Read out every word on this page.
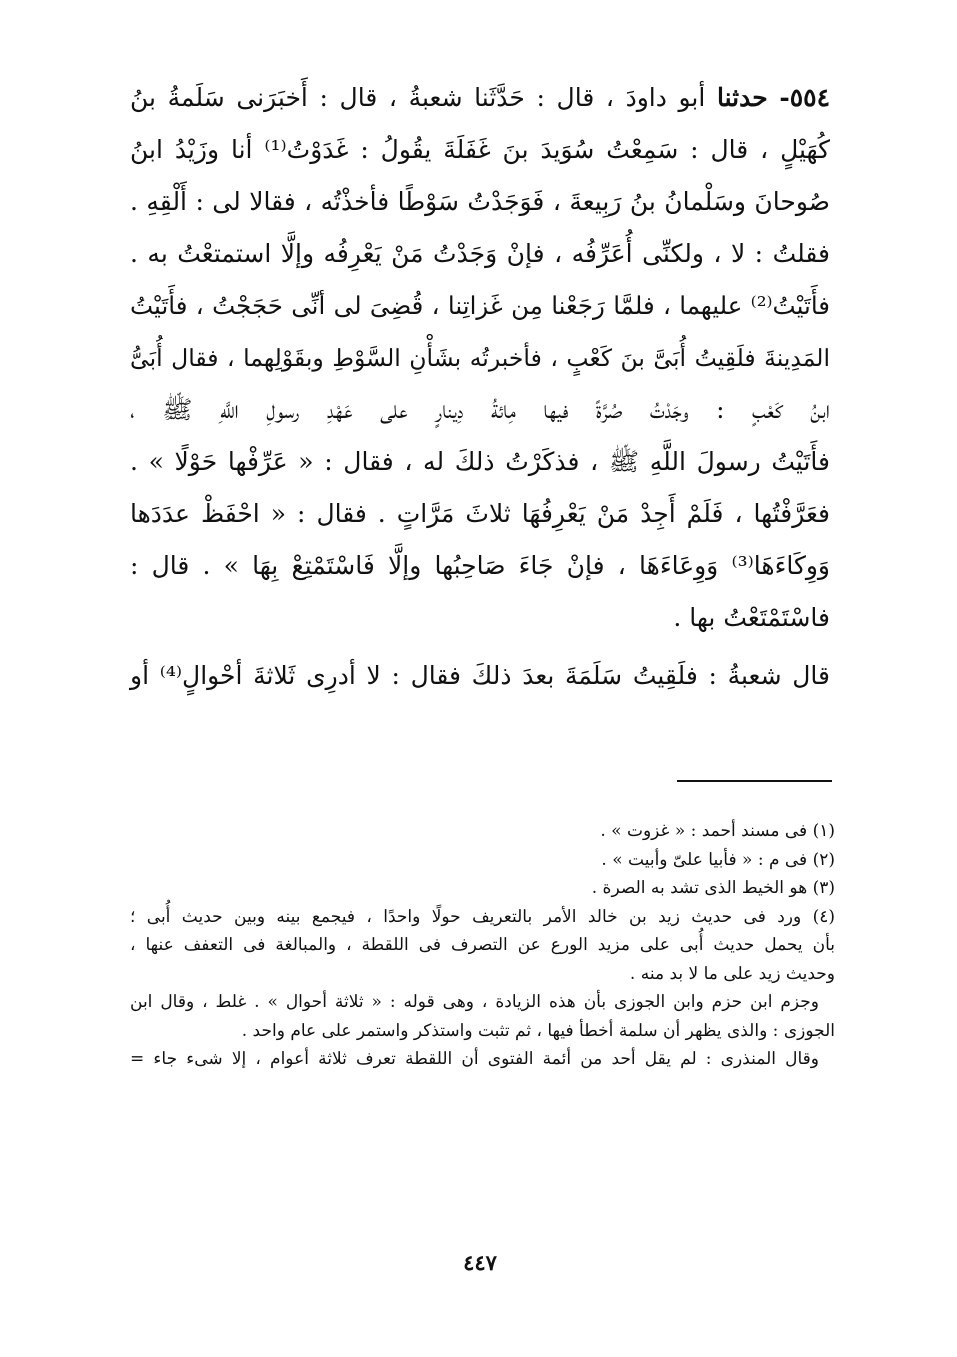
٥٥٤- حدثنا أبو داودَ ، قال : حَدَّثَنا شعبةُ ، قال : أَخبَرَنى سَلَمةُ بنُ
كُهَيْلٍ ، قال : سَمِعْتُ سُوَيدَ بنَ غَفَلَةَ يقُولُ : غَدَوْتُ⁽¹⁾ أنا وزَيْدُ ابنُ
صُوحانَ وسَلْمانُ بنُ رَبِيعةَ ، فَوَجَدْتُ سَوْطًا فأخذْتُه ، فقالا لى : أَلْقِهِ .
فقلتُ : لا ، ولكنِّى أُعَرِّفُه ، فإنْ وَجَدْتُ مَنْ يَعْرِفُه وإلَّا استمتعْتُ به .
فأَتَيْتُ⁽²⁾ عليهما ، فلمَّا رَجَعْنا مِن غَزاتِنا ، قُضِىَ لى أنِّى حَجَجْتُ ، فأَتَيْتُ
المَدِينةَ فلَقِيتُ أُبَىَّ بنَ كَعْبٍ ، فأخبرتُه بشَأْنِ السَّوْطِ وبقَوْلِهما ، فقال أُبَىُّ
ابنُ كَعْبٍ : وجَدْتُ صُرَّةً فيها مِائةُ دِينارٍ على عَهْدِ رسولِ اللَّهِ ﷺ ،
فأَتَيْتُ رسولَ اللَّهِ ﷺ ، فذكَرْتُ ذلكَ له ، فقال : « عَرِّفْها حَوْلًا » .
فعَرَّفْتُها ، فَلَمْ أَجِدْ مَنْ يَعْرِفُهَا ثلاثَ مَرَّاتٍ . فقال : « احْفَظْ عدَدَها
وَوِكَاءَهَا⁽³⁾ وَوِعَاءَهَا ، فإنْ جَاءَ صَاحِبُها وإلَّا فَاسْتَمْتِعْ بِهَا » . قال :
فاسْتَمْتَعْتُ بها .
قال شعبةُ : فلَقِيتُ سَلَمَةَ بعدَ ذلكَ فقال : لا أدرِى ثَلاثةَ أحْوالٍ⁽⁴⁾ أو
(١) فى مسند أحمد : « غزوت » .
(٢) فى م : « فأبيا علىّ وأبيت » .
(٣) هو الخيط الذى تشد به الصرة .
(٤) ورد فى حديث زيد بن خالد الأمر بالتعريف حولًا واحدًا ، فيجمع بينه وبين حديث أُبى ؛
بأن يحمل حديث أُبى على مزيد الورع عن التصرف فى اللقطة ، والمبالغة فى التعفف عنها ،
وحديث زيد على ما لا بد منه .
وجزم ابن حزم وابن الجوزى بأن هذه الزيادة ، وهى قوله : « ثلاثة أحوال » . غلط ، وقال ابن
الجوزى : والذى يظهر أن سلمة أخطأ فيها ، ثم تثبت واستذكر واستمر على عام واحد .
وقال المنذرى : لم يقل أحد من أئمة الفتوى أن اللقطة تعرف ثلاثة أعوام ، إلا شىء جاء =
٤٤٧
